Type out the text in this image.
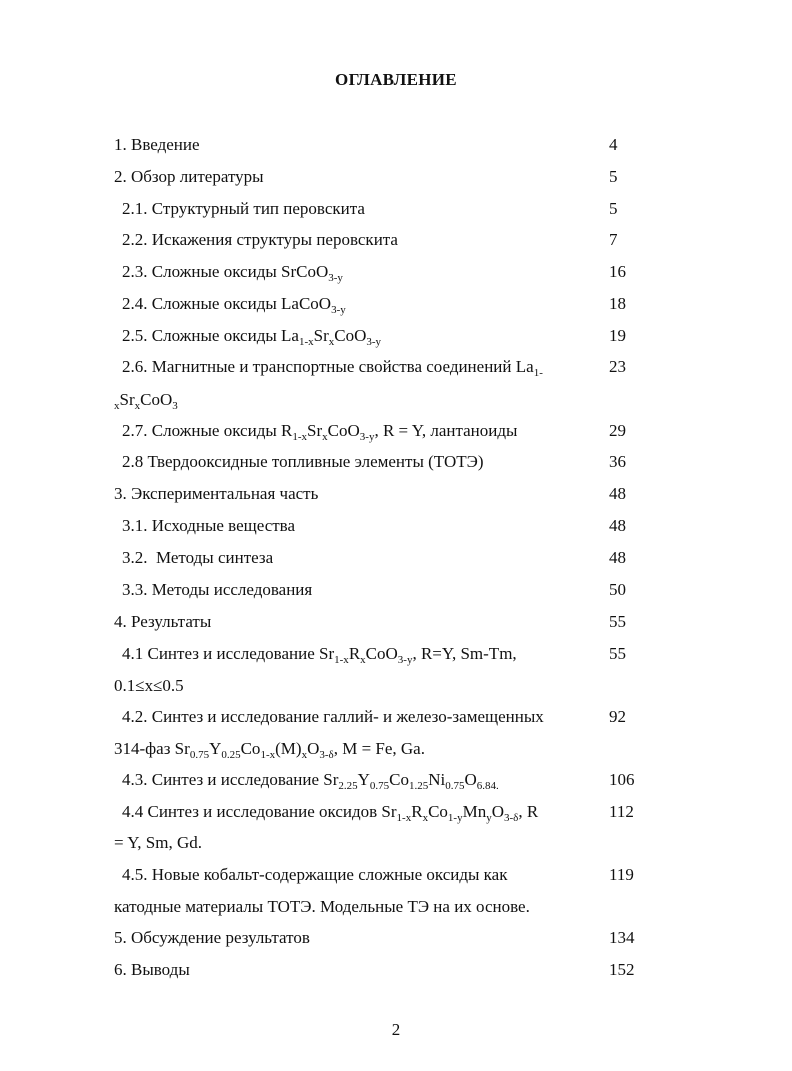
ОГЛАВЛЕНИЕ
1. Введение	4
2. Обзор литературы	5
2.1. Структурный тип перовскита	5
2.2. Искажения структуры перовскита	7
2.3. Сложные оксиды SrCoO$_{3-y}$	16
2.4. Сложные оксиды LaCoO$_{3-y}$	18
2.5. Сложные оксиды $La_{1-x}Sr_xCoO_{3-y}$	19
2.6. Магнитные и транспортные свойства соединений $La_{1-}$	23
$_xSr_xCoO_3$
2.7. Сложные оксиды $R_{1-x}Sr_xCoO_{3-y}$, R = Y, лантаноиды	29
2.8 Твердооксидные топливные элементы (ТОТЭ)	36
3. Экспериментальная часть	48
3.1. Исходные вещества	48
3.2.  Методы синтеза	48
3.3. Методы исследования	50
4. Результаты	55
4.1 Синтез и исследование $Sr_{1-x}R_xCoO_{3-y}$, R=Y, Sm-Tm,	55
0.1≤x≤0.5
4.2. Синтез и исследование галлий- и железо-замещенных	92
314-фаз $Sr_{0.75}Y_{0.25}Co_{1-x}(M)_xO_{3-\delta}$, M = Fe, Ga.
4.3. Синтез и исследование $Sr_{2.25}Y_{0.75}Co_{1.25}Ni_{0.75}O_{6.84.}$	106
4.4 Синтез и исследование оксидов $Sr_{1-x}R_xCo_{1-y}Mn_yO_{3-\delta}$, R	112
= Y, Sm, Gd.
4.5. Новые кобальт-содержащие сложные оксиды как	119
катодные материалы ТОТЭ. Модельные ТЭ на их основе.
5. Обсуждение результатов	134
6. Выводы	152
2
